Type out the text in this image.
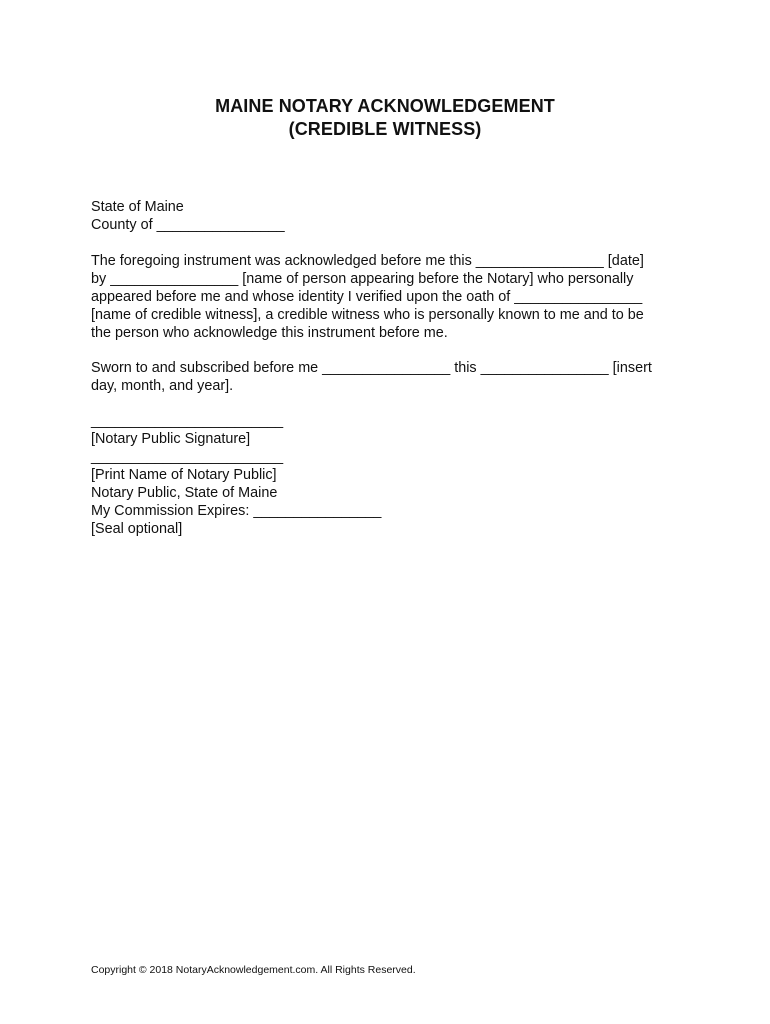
MAINE NOTARY ACKNOWLEDGEMENT
(CREDIBLE WITNESS)
State of Maine
County of ________________
The foregoing instrument was acknowledged before me this ________________ [date]
by ________________ [name of person appearing before the Notary] who personally
appeared before me and whose identity I verified upon the oath of ________________
[name of credible witness], a credible witness who is personally known to me and to be
the person who acknowledge this instrument before me.
Sworn to and subscribed before me ________________ this ________________ [insert
day, month, and year].
________________________
[Notary Public Signature]
________________________
[Print Name of Notary Public]
Notary Public, State of Maine
My Commission Expires: ________________
[Seal optional]
Copyright © 2018 NotaryAcknowledgement.com. All Rights Reserved.
